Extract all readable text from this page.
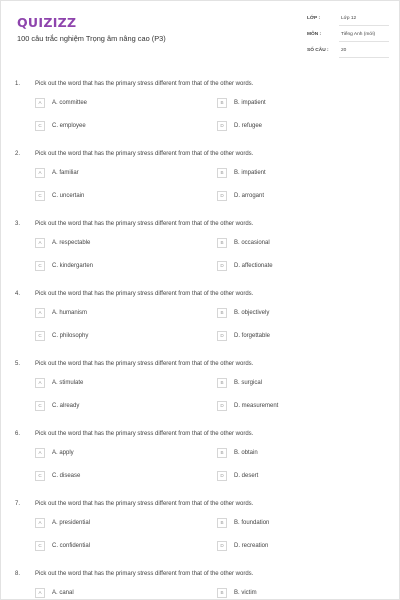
QUIZIZZ
100 câu trắc nghiệm Trọng âm nâng cao (P3)
LỚP :	Lớp 12
MÔN :	Tiếng Anh (mới)
SỐ CÂU :	20
1. Pick out the word that has the primary stress different from that of the other words.
A	A. committee	B	B. impatient
C	C. employee	D	D. refugee
2. Pick out the word that has the primary stress different from that of the other words.
A	A. familiar	B	B. impatient
C	C. uncertain	D	D. arrogant
3. Pick out the word that has the primary stress different from that of the other words.
A	A. respectable	B	B. occasional
C	C. kindergarten	D	D. affectionate
4. Pick out the word that has the primary stress different from that of the other words.
A	A. humanism	B	B. objectively
C	C. philosophy	D	D. forgettable
5. Pick out the word that has the primary stress different from that of the other words.
A	A. stimulate	B	B. surgical
C	C. already	D	D. measurement
6. Pick out the word that has the primary stress different from that of the other words.
A	A. apply	B	B. obtain
C	C. disease	D	D. desert
7. Pick out the word that has the primary stress different from that of the other words.
A	A. presidential	B	B. foundation
C	C. confidential	D	D. recreation
8. Pick out the word that has the primary stress different from that of the other words.
A	A. canal	B	B. victim
